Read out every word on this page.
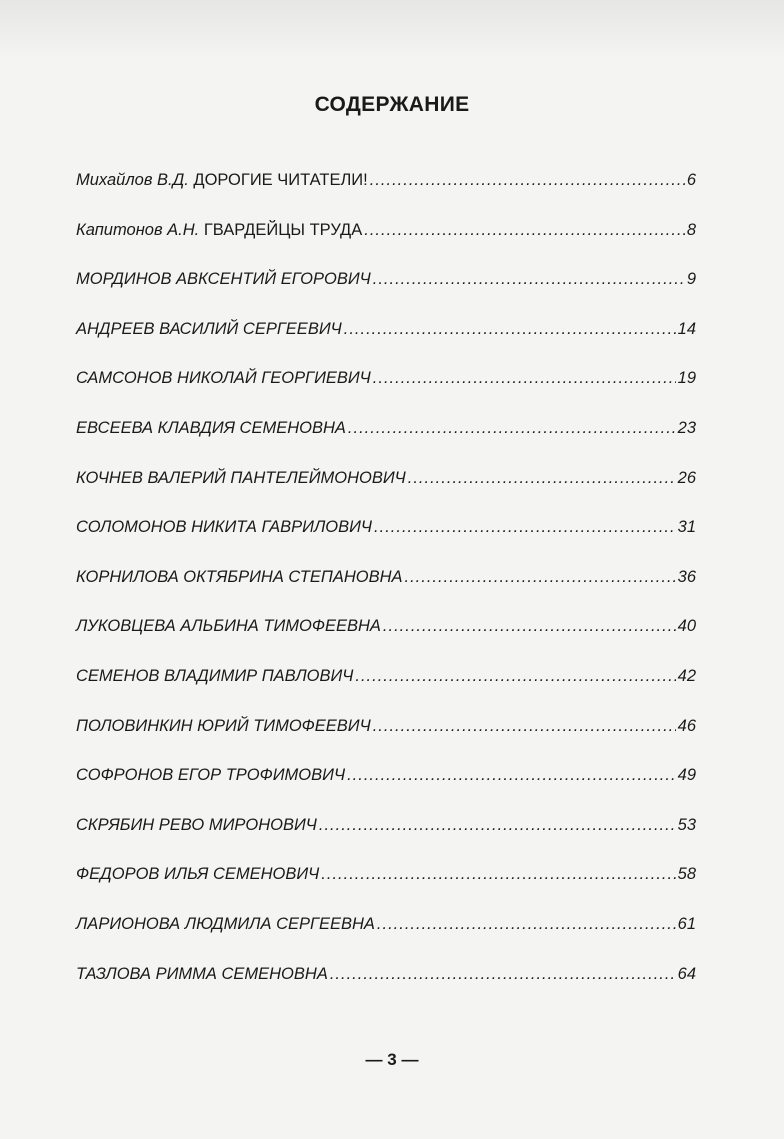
СОДЕРЖАНИЕ
Михайлов В.Д. ДОРОГИЕ ЧИТАТЕЛИ! .....	6
Капитонов А.Н. ГВАРДЕЙЦЫ ТРУДА .....	8
МОРДИНОВ АВКСЕНТИЙ ЕГОРОВИЧ .....	9
АНДРЕЕВ ВАСИЛИЙ СЕРГЕЕВИЧ .....	14
САМСОНОВ НИКОЛАЙ ГЕОРГИЕВИЧ .....	19
ЕВСЕЕВА КЛАВДИЯ СЕМЕНОВНА .....	23
КОЧНЕВ ВАЛЕРИЙ ПАНТЕЛЕЙМОНОВИЧ .....	26
СОЛОМОНОВ НИКИТА ГАВРИЛОВИЧ .....	31
КОРНИЛОВА ОКТЯБРИНА СТЕПАНОВНА .....	36
ЛУКОВЦЕВА АЛЬБИНА ТИМОФЕЕВНА .....	40
СЕМЕНОВ ВЛАДИМИР ПАВЛОВИЧ .....	42
ПОЛОВИНКИН ЮРИЙ ТИМОФЕЕВИЧ .....	46
СОФРОНОВ ЕГОР ТРОФИМОВИЧ .....	49
СКРЯБИН РЕВО МИРОНОВИЧ .....	53
ФЕДОРОВ ИЛЬЯ СЕМЕНОВИЧ .....	58
ЛАРИОНОВА ЛЮДМИЛА СЕРГЕЕВНА .....	61
ТАЗЛОВА РИММА СЕМЕНОВНА .....	64
— 3 —
